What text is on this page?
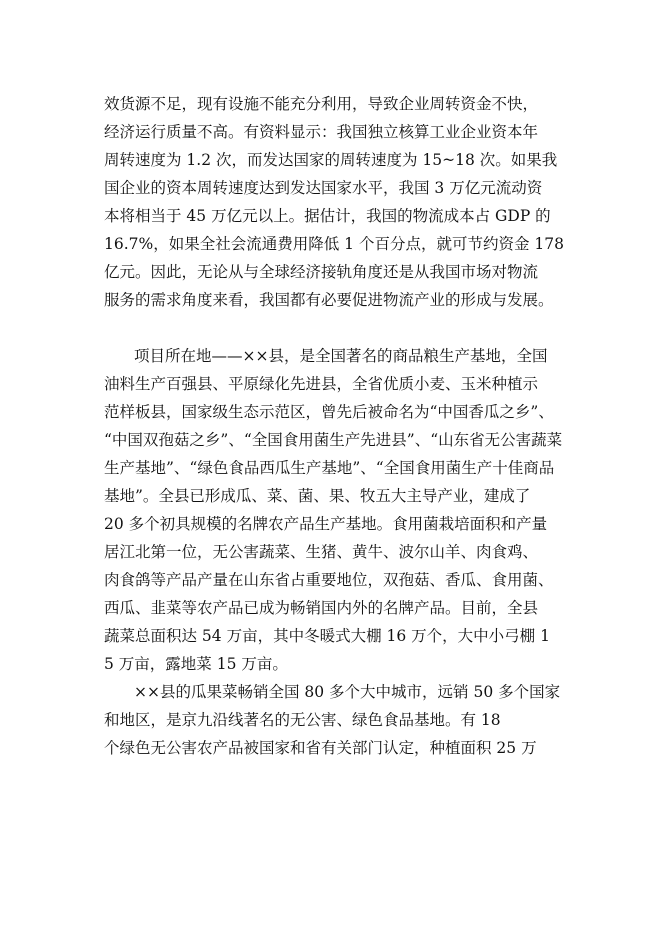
效货源不足，现有设施不能充分利用，导致企业周转资金不快，
经济运行质量不高。有资料显示：我国独立核算工业企业资本年
周转速度为 1.2 次，而发达国家的周转速度为 15~18 次。如果我
国企业的资本周转速度达到发达国家水平，我国 3 万亿元流动资
本将相当于 45 万亿元以上。据估计，我国的物流成本占 GDP 的
16.7%，如果全社会流通费用降低 1 个百分点，就可节约资金 178
亿元。因此，无论从与全球经济接轨角度还是从我国市场对物流
服务的需求角度来看，我国都有必要促进物流产业的形成与发展。
项目所在地——××县，是全国著名的商品粮生产基地，全国
油料生产百强县、平原绿化先进县，全省优质小麦、玉米种植示
范样板县，国家级生态示范区，曾先后被命名为“中国香瓜之乡”、
“中国双孢菇之乡”、“全国食用菌生产先进县”、“山东省无公害蔬菜
生产基地”、“绿色食品西瓜生产基地”、“全国食用菌生产十佳商品
基地”。全县已形成瓜、菜、菌、果、牧五大主导产业，建成了
20 多个初具规模的名牌农产品生产基地。食用菌栽培面积和产量
居江北第一位，无公害蔬菜、生猪、黄牛、波尔山羊、肉食鸡、
肉食鸽等产品产量在山东省占重要地位，双孢菇、香瓜、食用菌、
西瓜、韭菜等农产品已成为畅销国内外的名牌产品。目前，全县
蔬菜总面积达 54 万亩，其中冬暖式大棚 16 万个，大中小弓棚 1
5 万亩，露地菜 15 万亩。
××县的瓜果菜畅销全国 80 多个大中城市，远销 50 多个国家
和地区，是京九沿线著名的无公害、绿色食品基地。有 18
个绿色无公害农产品被国家和省有关部门认定，种植面积 25 万
